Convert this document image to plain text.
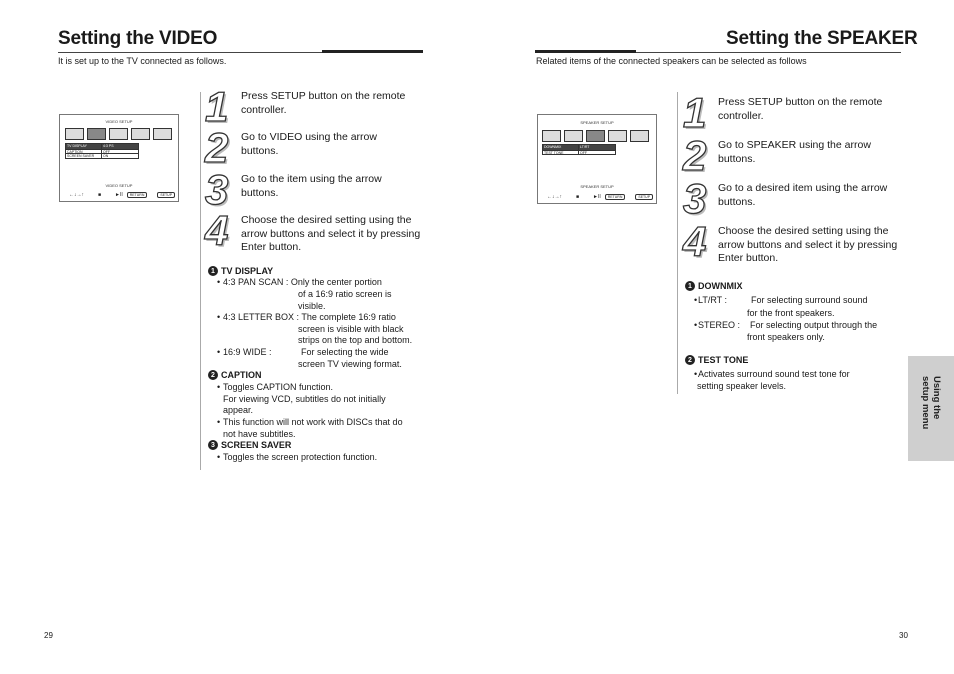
Setting the VIDEO
It is set up to the TV connected as follows.
VIDEO SETUP
TV DISPLAY	4:3 PS
CAPTION	OFF
SCREEN SAVER	ON
VIDEO SETUP
←↓→↑	■	►II	RETURN	SETUP
1 Press SETUP button on the remote controller.
2 Go to VIDEO using the arrow buttons.
3 Go to the item using the arrow buttons.
4 Choose the desired setting using the arrow buttons and select it by pressing Enter button.
1 TV DISPLAY
• 4:3 PAN SCAN : Only the center portion
of a 16:9 ratio screen is
visible.
• 4:3 LETTER BOX : The complete 16:9 ratio
screen is visible with black
strips on the top and bottom.
• 16:9 WIDE :	For selecting the wide
screen TV viewing format.
2 CAPTION
• Toggles CAPTION function.
For viewing VCD, subtitles do not initially
appear.
• This function will not work with DISCs that do
not have subtitles.
3 SCREEN SAVER
• Toggles the screen protection function.
29
Setting the SPEAKER
Related items of the connected speakers can be selected as follows
SPEAKER SETUP
DOWNMIX	LT/RT
TEST TONE	OFF
SPEAKER SETUP
←↓→↑	■	►II	RETURN	SETUP
1 Press SETUP button on the remote controller.
2 Go to SPEAKER using the arrow buttons.
3 Go to a desired item using the arrow buttons.
4 Choose the desired setting using the arrow buttons and select it by pressing Enter button.
1 DOWNMIX
•LT/RT :	For selecting surround sound
for the front speakers.
•STEREO : For selecting output through the
front speakers only.
2 TEST TONE
•Activates surround sound test tone for
setting speaker levels.	Using the
setup menu
30
